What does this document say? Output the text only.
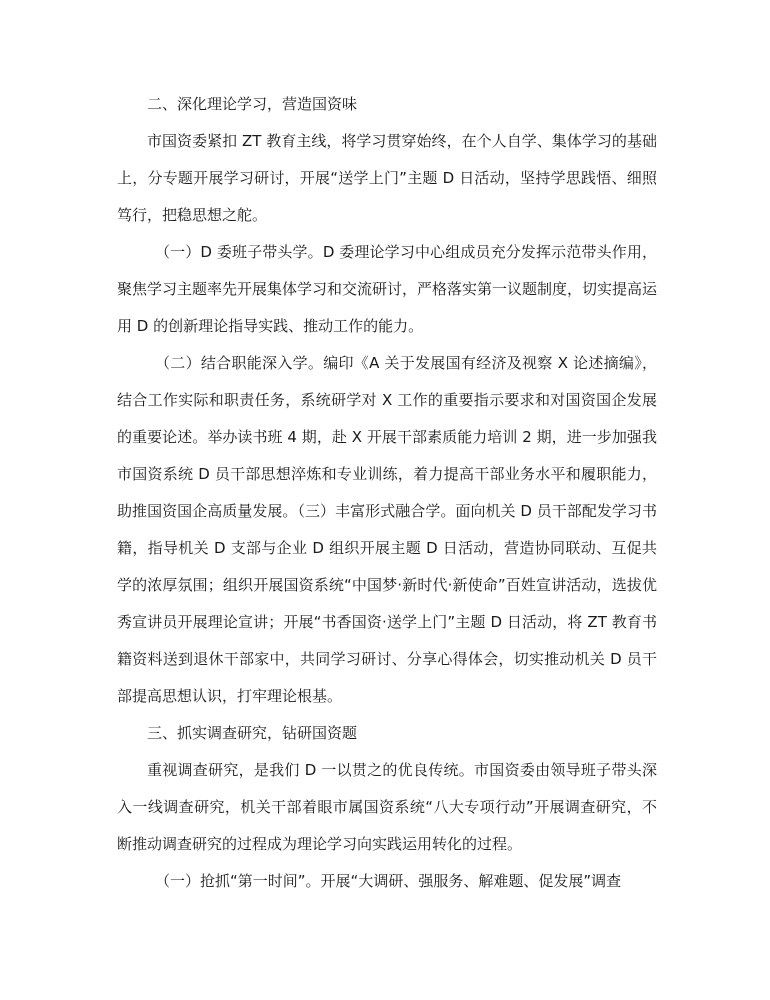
二、深化理论学习，营造国资味

市国资委紧扣 ZT 教育主线，将学习贯穿始终，在个人自学、集体学习的基础上，分专题开展学习研讨，开展“送学上门”主题 D 日活动，坚持学思践悟、细照笃行，把稳思想之舵。

（一）D 委班子带头学。D 委理论学习中心组成员充分发挥示范带头作用，聚焦学习主题率先开展集体学习和交流研讨，严格落实第一议题制度，切实提高运用 D 的创新理论指导实践、推动工作的能力。

（二）结合职能深入学。编印《A 关于发展国有经济及视察 X 论述摘编》，结合工作实际和职责任务，系统研学对 X 工作的重要指示要求和对国资国企发展的重要论述。举办读书班 4 期，赴 X 开展干部素质能力培训 2 期，进一步加强我市国资系统 D 员干部思想淬炼和专业训练，着力提高干部业务水平和履职能力，助推国资国企高质量发展。（三）丰富形式融合学。面向机关 D 员干部配发学习书籍，指导机关 D 支部与企业 D 组织开展主题 D 日活动，营造协同联动、互促共学的浓厚氛围；组织开展国资系统“中国梦·新时代·新使命”百姓宣讲活动，选拔优秀宣讲员开展理论宣讲；开展“书香国资·送学上门”主题 D 日活动，将 ZT 教育书籍资料送到退休干部家中，共同学习研讨、分享心得体会，切实推动机关 D 员干部提高思想认识，打牢理论根基。

三、抓实调查研究，钻研国资题

重视调查研究，是我们 D 一以贯之的优良传统。市国资委由领导班子带头深入一线调查研究，机关干部着眼市属国资系统“八大专项行动”开展调查研究，不断推动调查研究的过程成为理论学习向实践运用转化的过程。

（一）抢抓“第一时间”。开展“大调研、强服务、解难题、促发展”调查
